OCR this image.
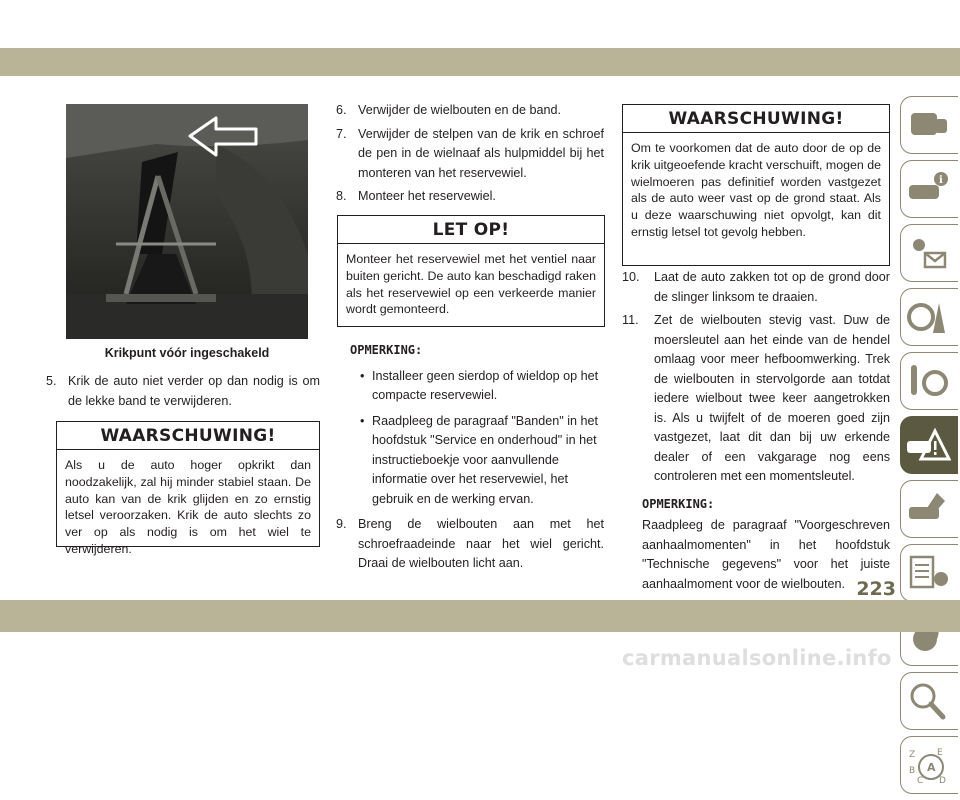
Krikpunt vóór ingeschakeld
5. Krik de auto niet verder op dan nodig is om de lekke band te verwijderen.
WAARSCHUWING!
Als u de auto hoger opkrikt dan noodzakelijk, zal hij minder stabiel staan. De auto kan van de krik glijden en zo ernstig letsel veroorzaken. Krik de auto slechts zo ver op als nodig is om het wiel te verwijderen.
6. Verwijder de wielbouten en de band.
7. Verwijder de stelpen van de krik en schroef de pen in de wielnaaf als hulpmiddel bij het monteren van het reservewiel.
8. Monteer het reservewiel.
LET OP!
Monteer het reservewiel met het ventiel naar buiten gericht. De auto kan beschadigd raken als het reservewiel op een verkeerde manier wordt gemonteerd.
OPMERKING:
• Installeer geen sierdop of wieldop op het compacte reservewiel.
• Raadpleeg de paragraaf "Banden" in het hoofdstuk "Service en onderhoud" in het instructieboekje voor aanvullende informatie over het reservewiel, het gebruik en de werking ervan.
9. Breng de wielbouten aan met het schroefraadeinde naar het wiel gericht. Draai de wielbouten licht aan.
WAARSCHUWING!
Om te voorkomen dat de auto door de op de krik uitgeoefende kracht verschuift, mogen de wielmoeren pas definitief worden vastgezet als de auto weer vast op de grond staat. Als u deze waarschuwing niet opvolgt, kan dit ernstig letsel tot gevolg hebben.
10. Laat de auto zakken tot op de grond door de slinger linksom te draaien.
11. Zet de wielbouten stevig vast. Duw de moersleutel aan het einde van de hendel omlaag voor meer hefboomwerking. Trek de wielbouten in stervolgorde aan totdat iedere wielbout twee keer aangetrokken is. Als u twijfelt of de moeren goed zijn vastgezet, laat dit dan bij uw erkende dealer of een vakgarage nog eens controleren met een momentsleutel.
OPMERKING:

Raadpleeg de paragraaf "Voorgeschreven aanhaalmomenten" in het hoofdstuk "Technische gegevens" voor het juiste aanhaalmoment voor de wielbouten.

i
Z E
B A
C D
223
carmanualsonline.info
